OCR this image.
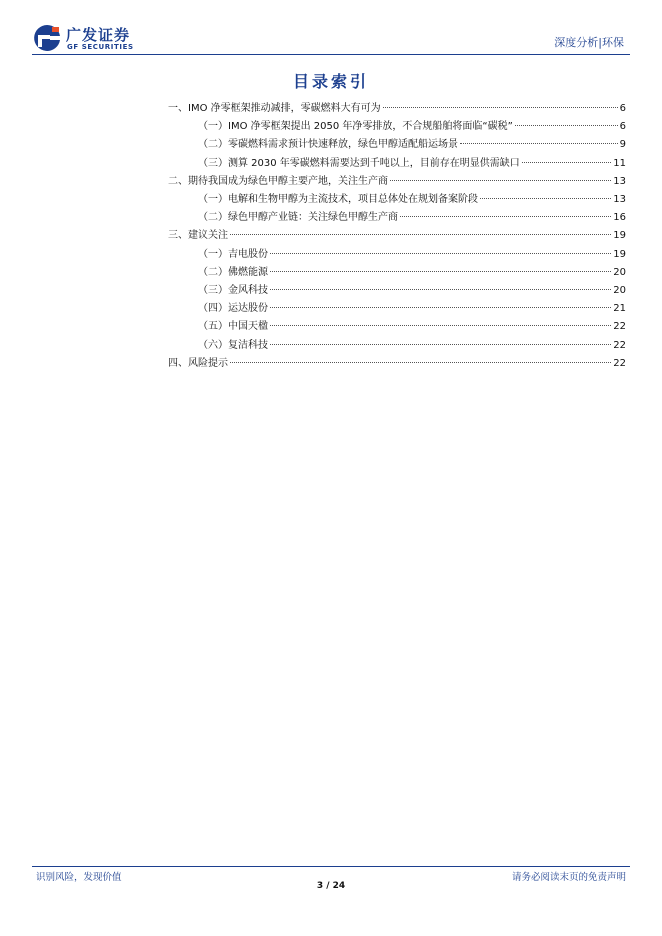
广发证券
GF SECURITIES	深度分析|环保
目录索引
一、IMO 净零框架推动减排，零碳燃料大有可为	6
（一）IMO 净零框架提出 2050 年净零排放，不合规船舶将面临“碳税”	6
（二）零碳燃料需求预计快速释放，绿色甲醇适配船运场景	9
（三）测算 2030 年零碳燃料需要达到千吨以上，目前存在明显供需缺口	11
二、期待我国成为绿色甲醇主要产地，关注生产商	13
（一）电解和生物甲醇为主流技术，项目总体处在规划备案阶段	13
（二）绿色甲醇产业链：关注绿色甲醇生产商	16
三、建议关注	19
（一）吉电股份	19
（二）佛燃能源	20
（三）金风科技	20
（四）运达股份	21
（五）中国天楹	22
（六）复洁科技	22
四、风险提示	22
识别风险，发现价值	请务必阅读末页的免责声明
3 / 24
